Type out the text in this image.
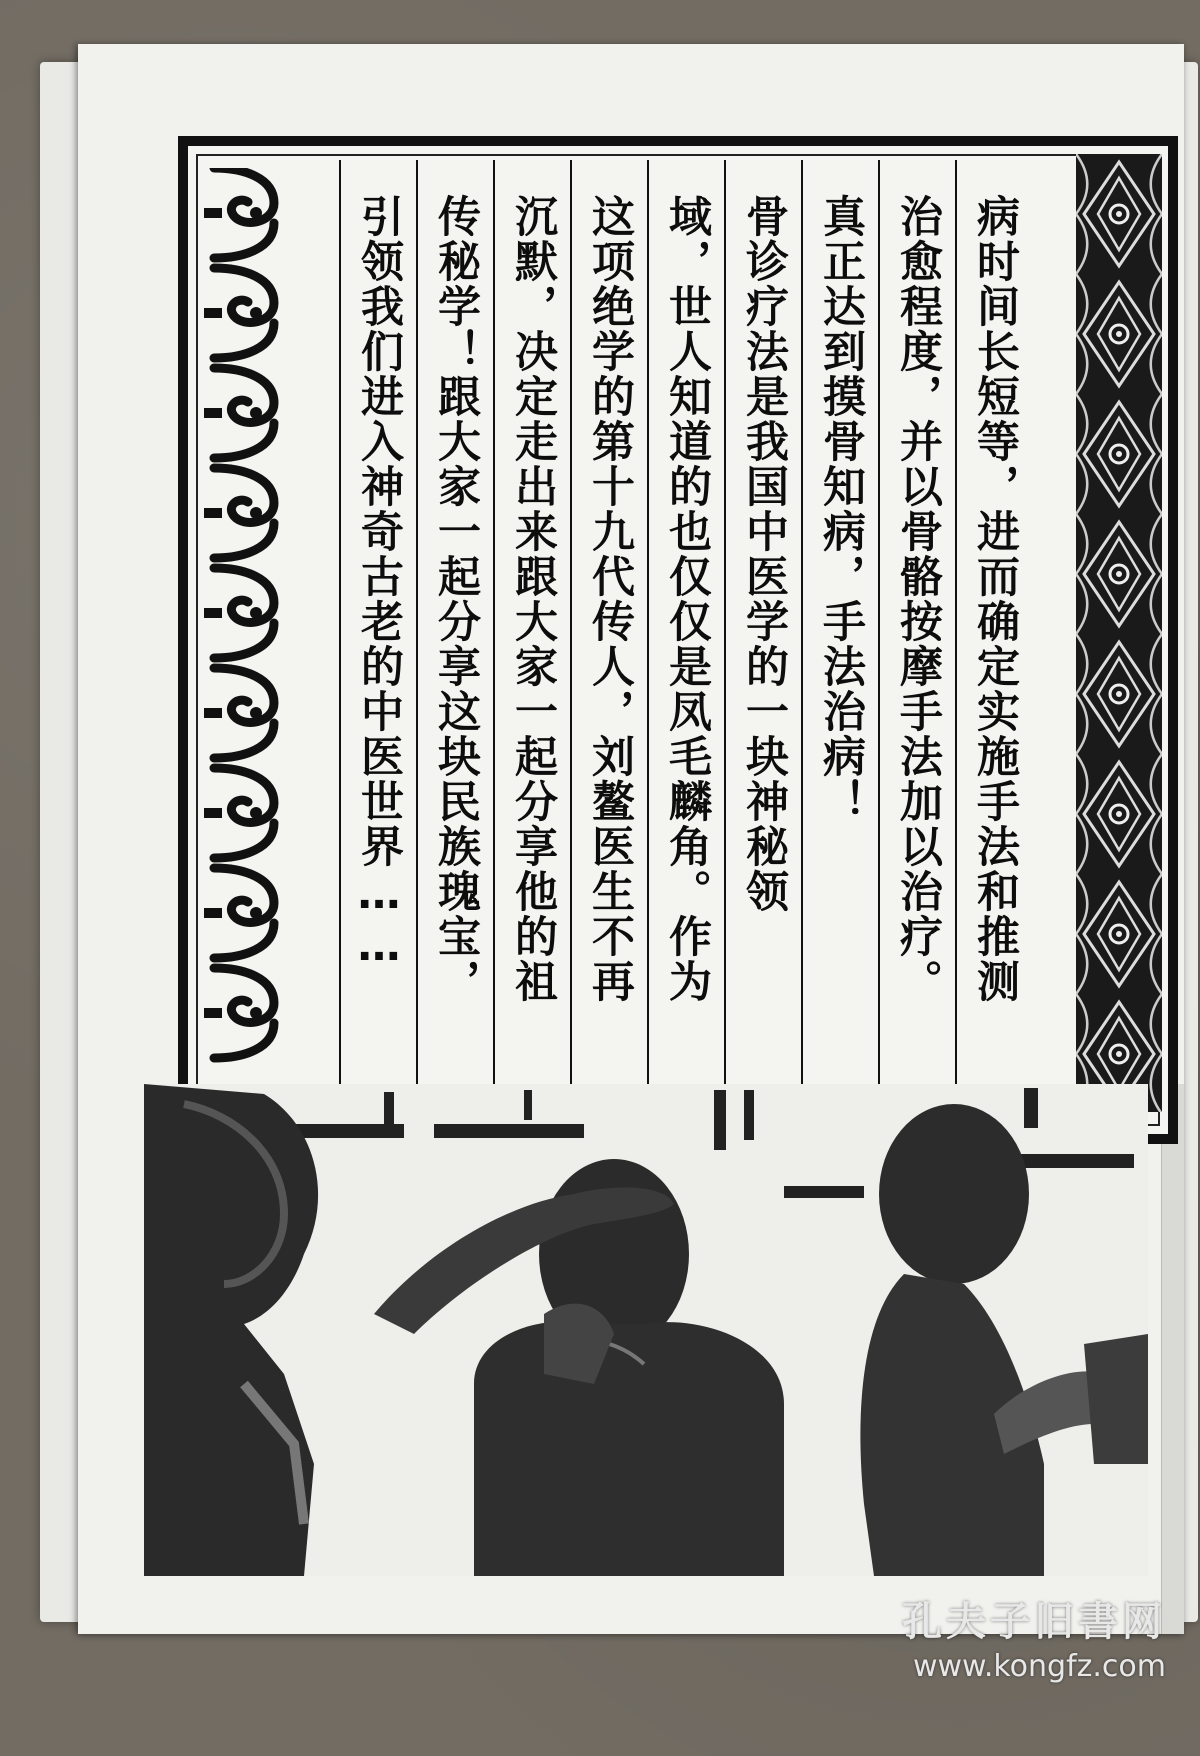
病时间长短等，进而确定实施手法和推测
治愈程度，并以骨骼按摩手法加以治疗。
真正达到摸骨知病，手法治病！
骨诊疗法是我国中医学的一块神秘领
域，世人知道的也仅仅是凤毛麟角。作为
这项绝学的第十九代传人，刘鳌医生不再
沉默，决定走出来跟大家一起分享他的祖
传秘学！跟大家一起分享这块民族瑰宝，
引领我们进入神奇古老的中医世界……
孔夫子旧書网
www.kongfz.com
